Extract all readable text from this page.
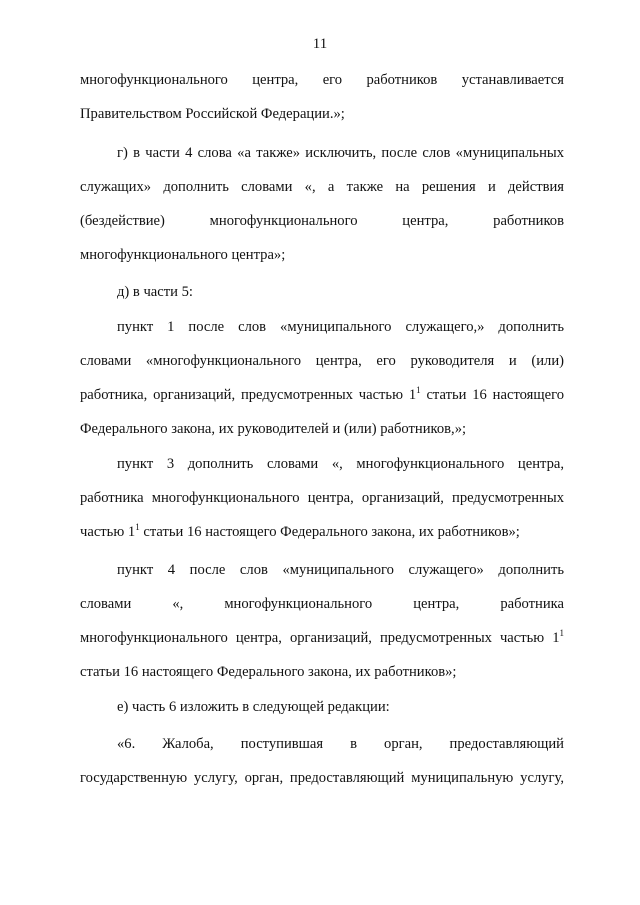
11
многофункционального центра, его работников устанавливается
Правительством Российской Федерации.»;
г) в части 4 слова «а также» исключить, после слов «муниципальных
служащих» дополнить словами «, а также на решения и действия
(бездействие) многофункционального центра, работников
многофункционального центра»;
д) в части 5:
пункт 1 после слов «муниципального служащего,» дополнить
словами «многофункционального центра, его руководителя и (или)
работника, организаций, предусмотренных частью $1^1$ статьи 16 настоящего
Федерального закона, их руководителей и (или) работников,»;
пункт 3 дополнить словами «, многофункционального центра,
работника многофункционального центра, организаций, предусмотренных
частью $1^1$ статьи 16 настоящего Федерального закона, их работников»;
пункт 4 после слов «муниципального служащего» дополнить
словами «, многофункционального центра, работника
многофункционального центра, организаций, предусмотренных частью $1^1$
статьи 16 настоящего Федерального закона, их работников»;
е) часть 6 изложить в следующей редакции:
«6. Жалоба, поступившая в орган, предоставляющий
государственную услугу, орган, предоставляющий муниципальную услугу,
